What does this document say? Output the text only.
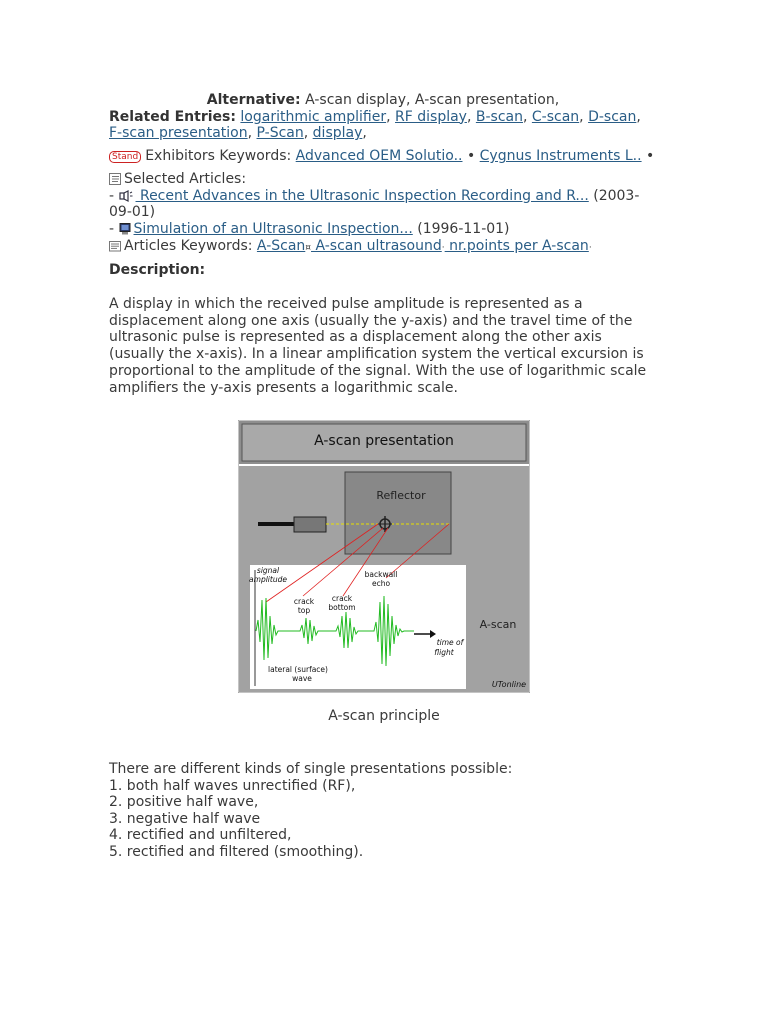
Alternative: A-scan display, A-scan presentation,

Related Entries: logarithmic amplifier, RF display, B-scan, C-scan, D-scan, F-scan presentation, P-Scan, display,

Stand Exhibitors Keywords: Advanced OEM Solutio.. • Cygnus Instruments L.. •

Selected Articles:

-  Recent Advances in the Ultrasonic Inspection Recording and R... (2003-09-01)

- Simulation of an Ultrasonic Inspection... (1996-11-01)

Articles Keywords: A-Scan¤ A-scan ultrasound· nr.points per A-scan·

Description:

A display in which the received pulse amplitude is represented as a displacement along one axis (usually the y-axis) and the travel time of the ultrasonic pulse is represented as a displacement along the other axis (usually the x-axis). In a linear amplification system the vertical excursion is proportional to the amplitude of the signal. With the use of logarithmic scale amplifiers the y-axis presents a logarithmic scale.

A-scan presentation
Reflector
signal
amplitude
crack
top
crack
bottom
backwall
echo
time of
flight
lateral (surface)
wave
A-scan
UTonline
A-scan principle
There are different kinds of single presentations possible:
1. both half waves unrectified (RF),
2. positive half wave,
3. negative half wave
4. rectified and unfiltered,
5. rectified and filtered (smoothing).
